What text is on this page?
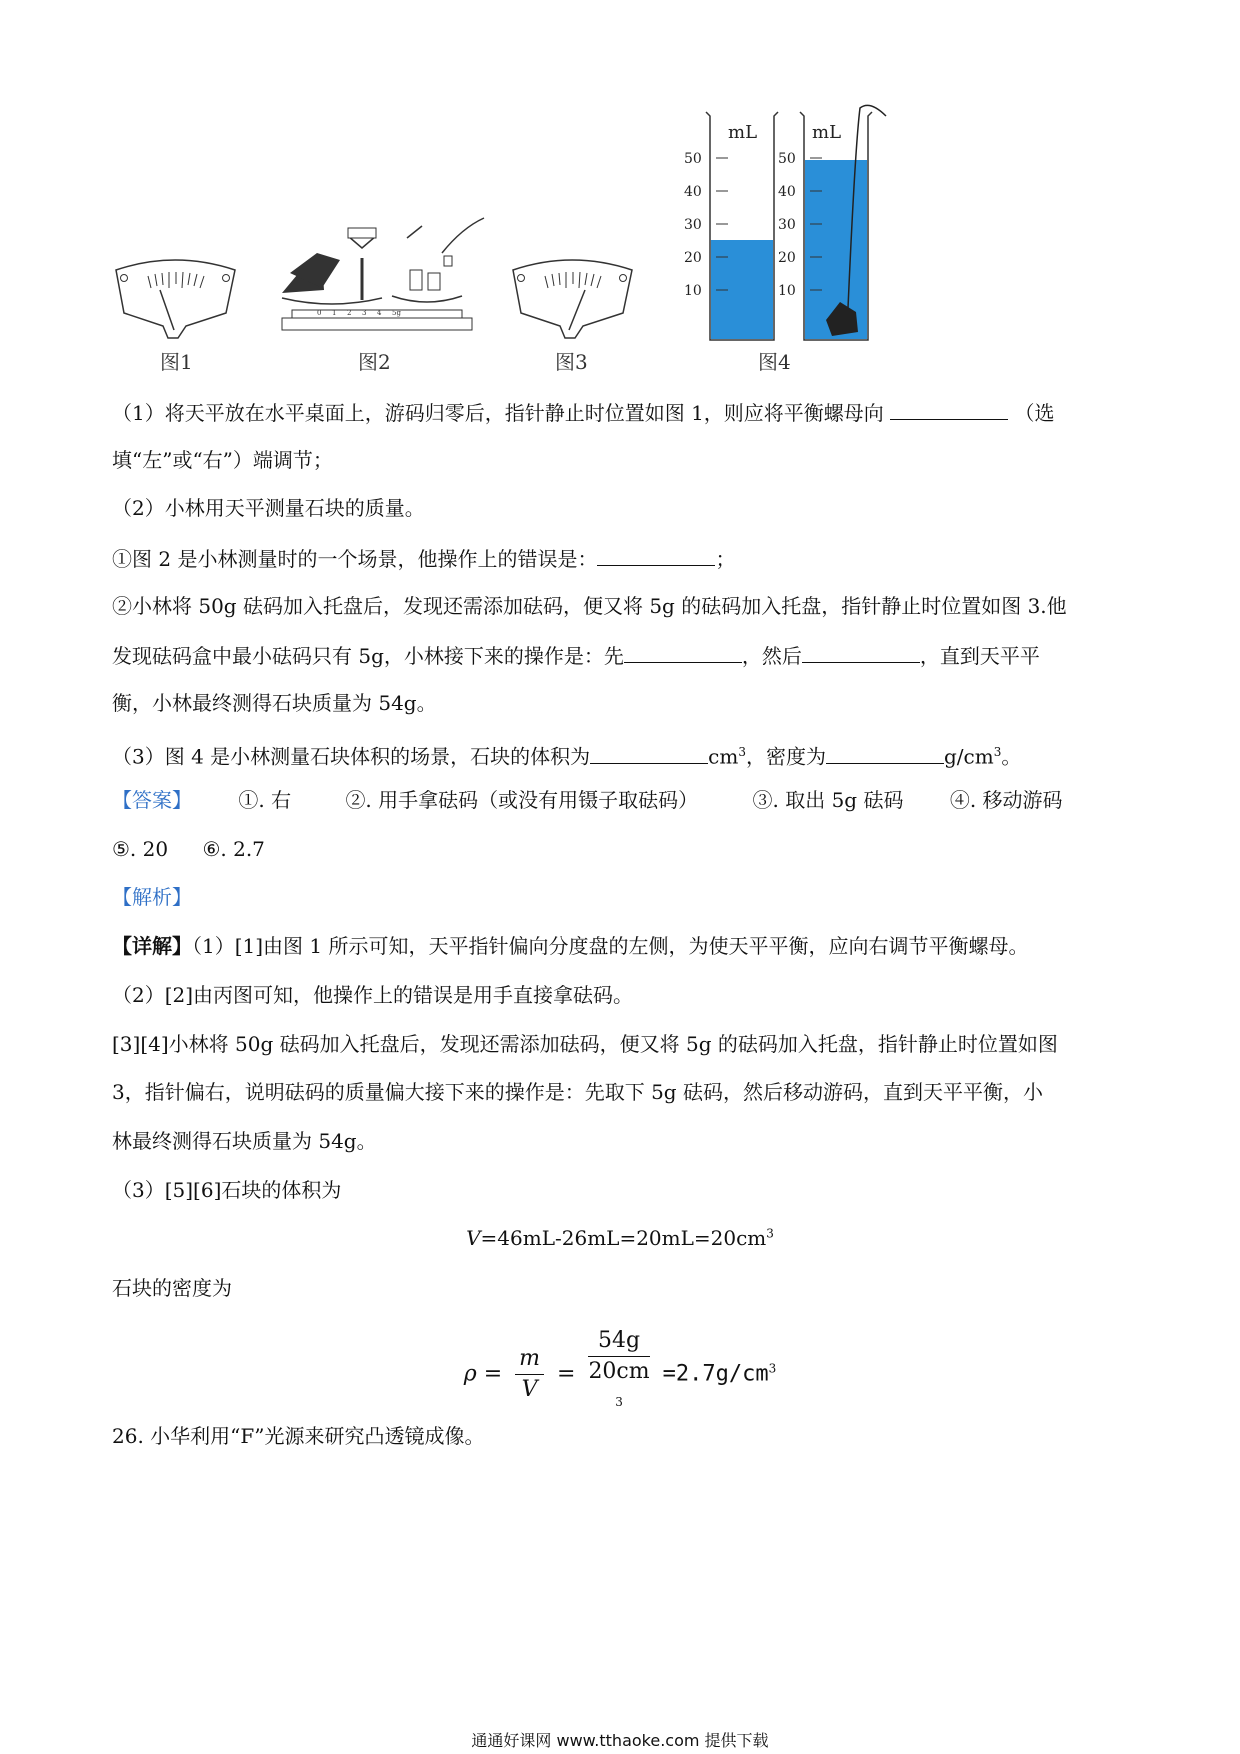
图1
0 1 2 3 4 5g
图2	图3
mL
50
40
30
20
10
mL
50
40
30
20
10
图4
（1）将天平放在水平桌面上，游码归零后，指针静止时位置如图 1，则应将平衡螺母向	（选
填“左”或“右”）端调节；
（2）小林用天平测量石块的质量。
①图 2 是小林测量时的一个场景，他操作上的错误是：	；
②小林将 50g 砝码加入托盘后，发现还需添加砝码，便又将 5g 的砝码加入托盘，指针静止时位置如图 3.他
发现砝码盒中最小砝码只有 5g，小林接下来的操作是：先	，然后	，直到天平平
衡，小林最终测得石块质量为 54g。
（3）图 4 是小林测量石块体积的场景，石块的体积为	$cm^3$，密度为	$g/cm^3$。
【答案】 ①. 右	②. 用手拿砝码（或没有用镊子取砝码）	③. 取出 5g 砝码 ④. 移动游码
⑤. 20 ⑥. 2.7
【解析】
【详解】（1）[1]由图 1 所示可知，天平指针偏向分度盘的左侧，为使天平平衡，应向右调节平衡螺母。
（2）[2]由丙图可知，他操作上的错误是用手直接拿砝码。
[3][4]小林将 50g 砝码加入托盘后，发现还需添加砝码，便又将 5g 的砝码加入托盘，指针静止时位置如图
3，指针偏右，说明砝码的质量偏大接下来的操作是：先取下 5g 砝码，然后移动游码，直到天平平衡，小
林最终测得石块质量为 54g。
（3）[5][6]石块的体积为
$V=46mL-26mL=20mL=20cm^3$
石块的密度为
$\rho = \frac{m}{V} = 54g$
20cm
$^3 =2.7g/cm^3$
26. 小华利用“F”光源来研究凸透镜成像。
通通好课网 www.tthaoke.com 提供下载
